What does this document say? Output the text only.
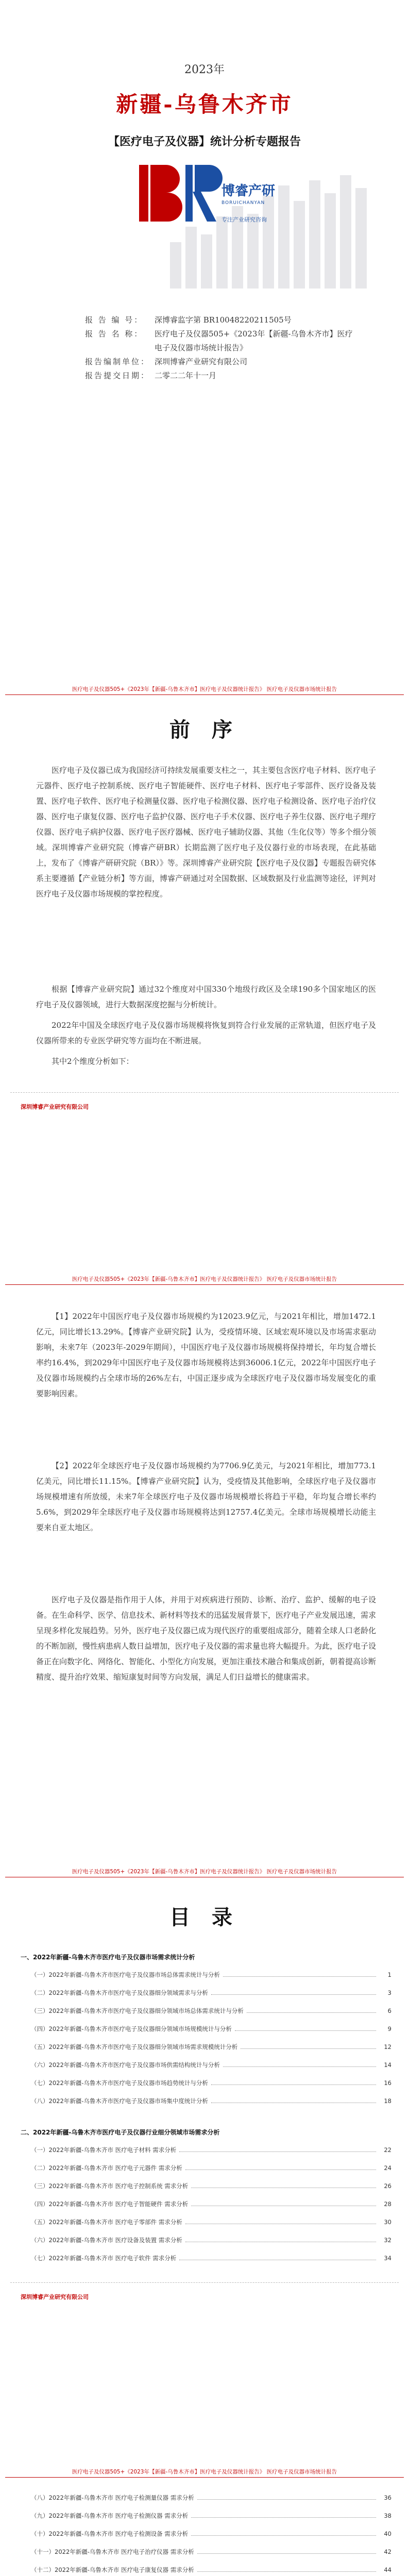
2023年
新疆-乌鲁木齐市
【医疗电子及仪器】统计分析专题报告
博睿产研
BORUICHANYAN
专注产业研究咨询
报 告 编 号：	深博睿监字第 BR10048220211505号
报 告 名 称：	医疗电子及仪器505+《2023年【新疆-乌鲁木齐市】医疗电子及仪器市场统计报告》
报告编制单位： 深圳博睿产业研究有限公司
报告提交日期： 二零二二年十一月
医疗电子及仪器505+《2023年【新疆-乌鲁木齐市】医疗电子及仪器统计报告》 医疗电子及仪器市场统计报告
前 序
医疗电子及仪器已成为我国经济可持续发展重要支柱之一，其主要包含医疗电子材料、医疗电子元器件、医疗电子控制系统、医疗电子智能硬件、医疗电子材料、医疗电子零部件、医疗设备及装置、医疗电子软件、医疗电子检测量仪器、医疗电子检测仪器、医疗电子检测设备、医疗电子治疗仪器、医疗电子康复仪器、医疗电子监护仪器、医疗电子手术仪器、医疗电子养生仪器、医疗电子理疗仪器、医疗电子病护仪器、医疗电子医疗器械、医疗电子辅助仪器、其他（生化仪等）等多个细分领域。深圳博睿产业研究院（博睿产研BR）长期监测了医疗电子及仪器行业的市场表现，在此基础上，发布了《博睿产研研究院（BR）》等。深圳博睿产业研究院【医疗电子及仪器】专题报告研究体系主要遵循【产业链分析】等方面，博睿产研通过对全国数据、区域数据及行业监测等途径，评判对医疗电子及仪器市场规模的掌控程度。
根据【博睿产业研究院】通过32个维度对中国330个地级行政区及全球190多个国家地区的医疗电子及仪器领域，进行大数据深度挖掘与分析统计。
2022年中国及全球医疗电子及仪器市场规模将恢复到符合行业发展的正常轨道，但医疗电子及仪器所带来的专业医学研究等方面均在不断进展。
其中2个维度分析如下：
深圳博睿产业研究有限公司
医疗电子及仪器505+《2023年【新疆-乌鲁木齐市】医疗电子及仪器统计报告》 医疗电子及仪器市场统计报告
【1】2022年中国医疗电子及仪器市场规模约为12023.9亿元，与2021年相比，增加1472.1亿元，同比增长13.29%。【博睿产业研究院】认为，受疫情环境、区域宏观环境以及市场需求驱动影响，未来7年（2023年-2029年期间），中国医疗电子及仪器市场规模将保持增长，年均复合增长率约16.4%，到2029年中国医疗电子及仪器市场规模将达到36006.1亿元，2022年中国医疗电子及仪器市场规模约占全球市场的26%左右，中国正逐步成为全球医疗电子及仪器市场发展变化的重要影响因素。
【2】2022年全球医疗电子及仪器市场规模约为7706.9亿美元，与2021年相比，增加773.1亿美元，同比增长11.15%。【博睿产业研究院】认为，受疫情及其他影响，全球医疗电子及仪器市场规模增速有所放缓，未来7年全球医疗电子及仪器市场规模增长将趋于平稳，年均复合增长率约5.6%，到2029年全球医疗电子及仪器市场规模将达到12757.4亿美元。全球市场规模增长动能主要来自亚太地区。
医疗电子及仪器是指作用于人体，并用于对疾病进行预防、诊断、治疗、监护、缓解的电子设备。在生命科学、医学、信息技术、新材料等技术的迅猛发展背景下，医疗电子产业发展迅速，需求呈现多样化发展趋势。另外，医疗电子及仪器已成为现代医疗的重要组成部分，随着全球人口老龄化的不断加剧，慢性病患病人数日益增加，医疗电子及仪器的需求量也将大幅提升。为此，医疗电子设备正在向数字化、网络化、智能化、小型化方向发展，更加注重技术融合和集成创新，朝着提高诊断精度、提升治疗效果、缩短康复时间等方向发展，满足人们日益增长的健康需求。
医疗电子及仪器505+《2023年【新疆-乌鲁木齐市】医疗电子及仪器统计报告》 医疗电子及仪器市场统计报告
目 录
一、2022年新疆-乌鲁木齐市医疗电子及仪器市场需求统计分析
（一）2022年新疆-乌鲁木齐市医疗电子及仪器市场总体需求统计与分析	1
（二）2022年新疆-乌鲁木齐市医疗电子及仪器细分领域需求与分析	3
（三）2022年新疆-乌鲁木齐市医疗电子及仪器细分领域市场总体需求统计与分析	6
（四）2022年新疆-乌鲁木齐市医疗电子及仪器细分领域市场规模统计与分析	9
（五）2022年新疆-乌鲁木齐市医疗电子及仪器细分领域市场需求规模统计分析	12
（六）2022年新疆-乌鲁木齐市医疗电子及仪器市场供需结构统计与分析	14
（七）2022年新疆-乌鲁木齐市医疗电子及仪器市场趋势统计与分析	16
（八）2022年新疆-乌鲁木齐市医疗电子及仪器市场集中度统计分析	18
二、2022年新疆-乌鲁木齐市医疗电子及仪器行业细分领域市场需求分析
（一）2022年新疆-乌鲁木齐市 医疗电子材料 需求分析	22
（二）2022年新疆-乌鲁木齐市 医疗电子元器件 需求分析	24
（三）2022年新疆-乌鲁木齐市 医疗电子控制系统 需求分析	26
（四）2022年新疆-乌鲁木齐市 医疗电子智能硬件 需求分析	28
（五）2022年新疆-乌鲁木齐市 医疗电子零部件 需求分析	30
（六）2022年新疆-乌鲁木齐市 医疗设备及装置 需求分析	32
（七）2022年新疆-乌鲁木齐市 医疗电子软件 需求分析	34
深圳博睿产业研究有限公司
医疗电子及仪器505+《2023年【新疆-乌鲁木齐市】医疗电子及仪器统计报告》 医疗电子及仪器市场统计报告
（八）2022年新疆-乌鲁木齐市 医疗电子检测量仪器 需求分析	36
（九）2022年新疆-乌鲁木齐市 医疗电子检测仪器 需求分析	38
（十）2022年新疆-乌鲁木齐市 医疗电子检测设备 需求分析	40
（十一）2022年新疆-乌鲁木齐市 医疗电子治疗仪器 需求分析	42
（十二）2022年新疆-乌鲁木齐市 医疗电子康复仪器 需求分析	44
